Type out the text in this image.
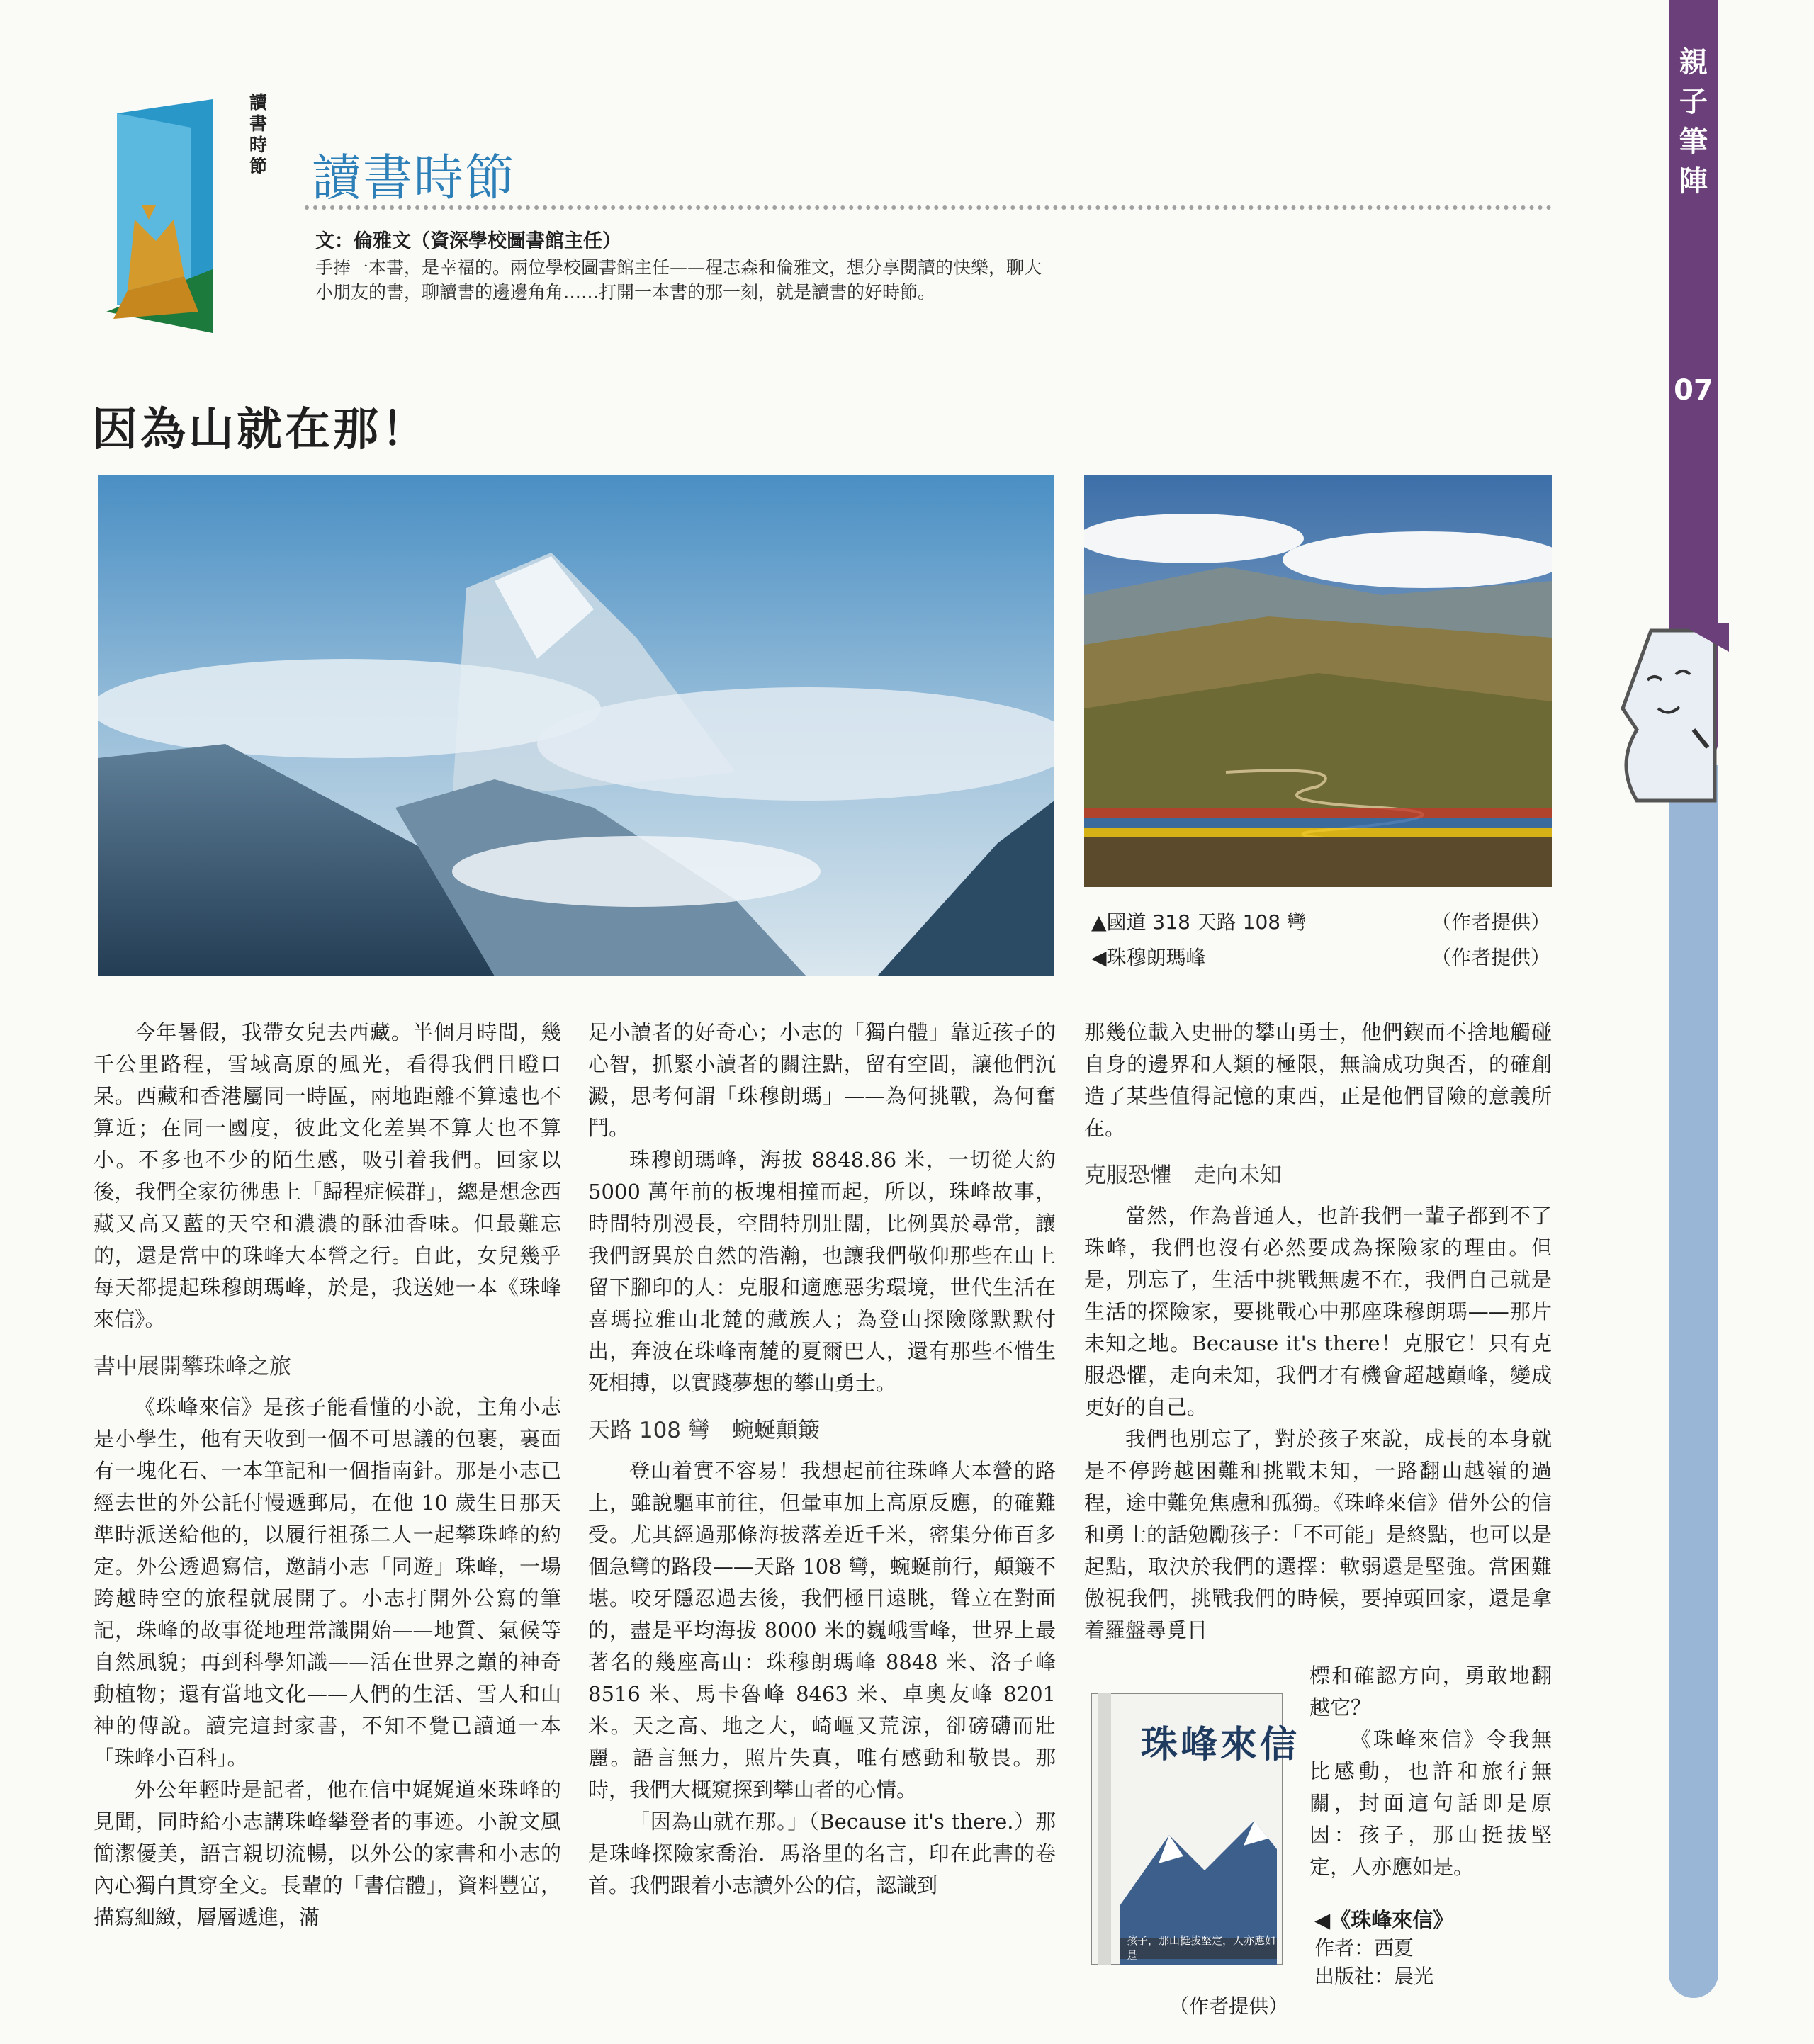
親子筆陣
07
讀書時節 讀書時節
文：倫雅文（資深學校圖書館主任）
手捧一本書，是幸福的。兩位學校圖書館主任——程志森和倫雅文，想分享閱讀的快樂，聊大小朋友的書，聊讀書的邊邊角角……打開一本書的那一刻，就是讀書的好時節。
因為山就在那！
▲國道 318 天路 108 彎	（作者提供）
◀珠穆朗瑪峰	（作者提供）

今年暑假，我帶女兒去西藏。半個月時間，幾千公里路程，雪域高原的風光，看得我們目瞪口呆。西藏和香港屬同一時區，兩地距離不算遠也不算近；在同一國度，彼此文化差異不算大也不算小。不多也不少的陌生感，吸引着我們。回家以後，我們全家彷彿患上「歸程症候群」，總是想念西藏又高又藍的天空和濃濃的酥油香味。但最難忘的，還是當中的珠峰大本營之行。自此，女兒幾乎每天都提起珠穆朗瑪峰，於是，我送她一本《珠峰來信》。

書中展開攀珠峰之旅

《珠峰來信》是孩子能看懂的小說，主角小志是小學生，他有天收到一個不可思議的包裹，裏面有一塊化石、一本筆記和一個指南針。那是小志已經去世的外公託付慢遞郵局，在他 10 歲生日那天準時派送給他的，以履行祖孫二人一起攀珠峰的約定。外公透過寫信，邀請小志「同遊」珠峰，一場跨越時空的旅程就展開了。小志打開外公寫的筆記，珠峰的故事從地理常識開始——地質、氣候等自然風貌；再到科學知識——活在世界之巔的神奇動植物；還有當地文化——人們的生活、雪人和山神的傳說。讀完這封家書，不知不覺已讀通一本「珠峰小百科」。

外公年輕時是記者，他在信中娓娓道來珠峰的見聞，同時給小志講珠峰攀登者的事迹。小說文風簡潔優美，語言親切流暢，以外公的家書和小志的內心獨白貫穿全文。長輩的「書信體」，資料豐富，描寫細緻，層層遞進，滿

足小讀者的好奇心；小志的「獨白體」靠近孩子的心智，抓緊小讀者的關注點，留有空間，讓他們沉澱，思考何謂「珠穆朗瑪」——為何挑戰，為何奮鬥。

珠穆朗瑪峰，海拔 8848.86 米，一切從大約 5000 萬年前的板塊相撞而起，所以，珠峰故事，時間特別漫長，空間特別壯闊，比例異於尋常，讓我們訝異於自然的浩瀚，也讓我們敬仰那些在山上留下腳印的人：克服和適應惡劣環境，世代生活在喜瑪拉雅山北麓的藏族人；為登山探險隊默默付出，奔波在珠峰南麓的夏爾巴人，還有那些不惜生死相搏，以實踐夢想的攀山勇士。

天路 108 彎　蜿蜒顛簸

登山着實不容易！我想起前往珠峰大本營的路上，雖說驅車前往，但暈車加上高原反應，的確難受。尤其經過那條海拔落差近千米，密集分佈百多個急彎的路段——天路 108 彎，蜿蜒前行，顛簸不堪。咬牙隱忍過去後，我們極目遠眺，聳立在對面的，盡是平均海拔 8000 米的巍峨雪峰，世界上最著名的幾座高山：珠穆朗瑪峰 8848 米、洛子峰 8516 米、馬卡魯峰 8463 米、卓奧友峰 8201 米。天之高、地之大，崎嶇又荒涼，卻磅礴而壯麗。語言無力，照片失真，唯有感動和敬畏。那時，我們大概窺探到攀山者的心情。

「因為山就在那。」（Because it's there.）那是珠峰探險家喬治．馬洛里的名言，印在此書的卷首。我們跟着小志讀外公的信，認識到

那幾位載入史冊的攀山勇士，他們鍥而不捨地觸碰自身的邊界和人類的極限，無論成功與否，的確創造了某些值得記憶的東西，正是他們冒險的意義所在。

克服恐懼　走向未知

當然，作為普通人，也許我們一輩子都到不了珠峰，我們也沒有必然要成為探險家的理由。但是，別忘了，生活中挑戰無處不在，我們自己就是生活的探險家，要挑戰心中那座珠穆朗瑪——那片未知之地。Because it's there！克服它！只有克服恐懼，走向未知，我們才有機會超越巔峰，變成更好的自己。

我們也別忘了，對於孩子來說，成長的本身就是不停跨越困難和挑戰未知，一路翻山越嶺的過程，途中難免焦慮和孤獨。《珠峰來信》借外公的信和勇士的話勉勵孩子：「不可能」是終點，也可以是起點，取決於我們的選擇：軟弱還是堅強。當困難傲視我們，挑戰我們的時候，要掉頭回家，還是拿着羅盤尋覓目

標和確認方向，勇敢地翻越它？

《珠峰來信》令我無比感動，也許和旅行無關，封面這句話即是原因：孩子，那山挺拔堅定，人亦應如是。

珠峰來信
孩子，那山挺拔堅定，人亦應如是
（作者提供）
◀《珠峰來信》
作者：西夏
出版社：晨光
